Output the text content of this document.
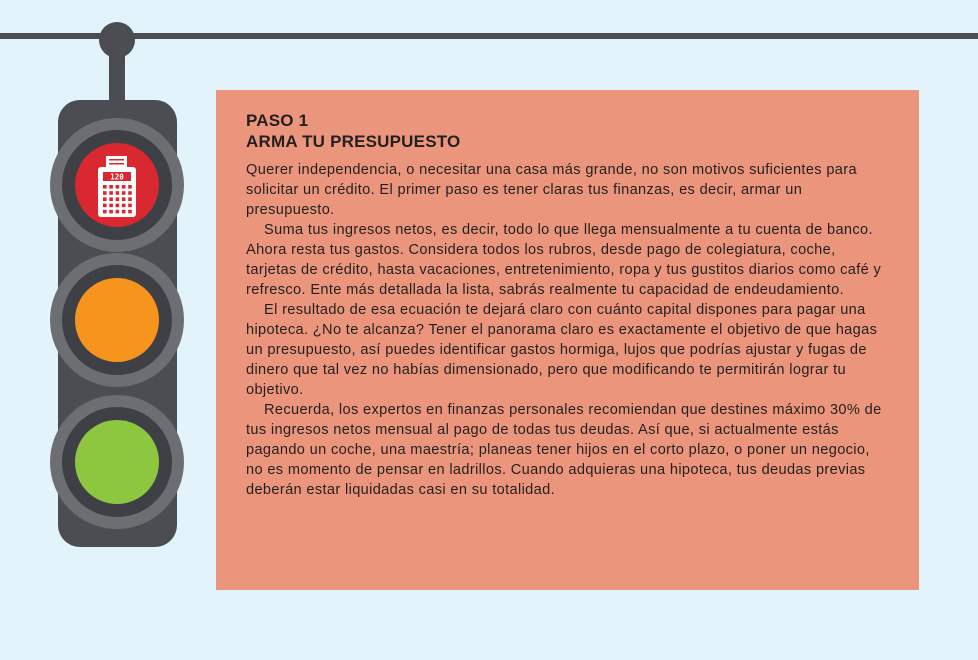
120
PASO 1
ARMA TU PRESUPUESTO

Querer independencia, o necesitar una casa más grande, no son motivos suficientes para solicitar un crédito. El primer paso es tener claras tus finanzas, es decir, armar un presupuesto.

Suma tus ingresos netos, es decir, todo lo que llega mensualmente a tu cuenta de banco. Ahora resta tus gastos. Considera todos los rubros, desde pago de colegiatura, coche, tarjetas de crédito, hasta vacaciones, entretenimiento, ropa y tus gustitos diarios como café y refresco. Ente más detallada la lista, sabrás realmente tu capacidad de endeudamiento.

El resultado de esa ecuación te dejará claro con cuánto capital dispones para pagar una hipoteca. ¿No te alcanza? Tener el panorama claro es exactamente el objetivo de que hagas un presupuesto, así puedes identificar gastos hormiga, lujos que podrías ajustar y fugas de dinero que tal vez no habías dimensionado, pero que modificando te permitirán lograr tu objetivo.

Recuerda, los expertos en finanzas personales recomiendan que destines máximo 30% de tus ingresos netos mensual al pago de todas tus deudas. Así que, si actualmente estás pagando un coche, una maestría; planeas tener hijos en el corto plazo, o poner un negocio, no es momento de pensar en ladrillos. Cuando adquieras una hipoteca, tus deudas previas deberán estar liquidadas casi en su totalidad.
